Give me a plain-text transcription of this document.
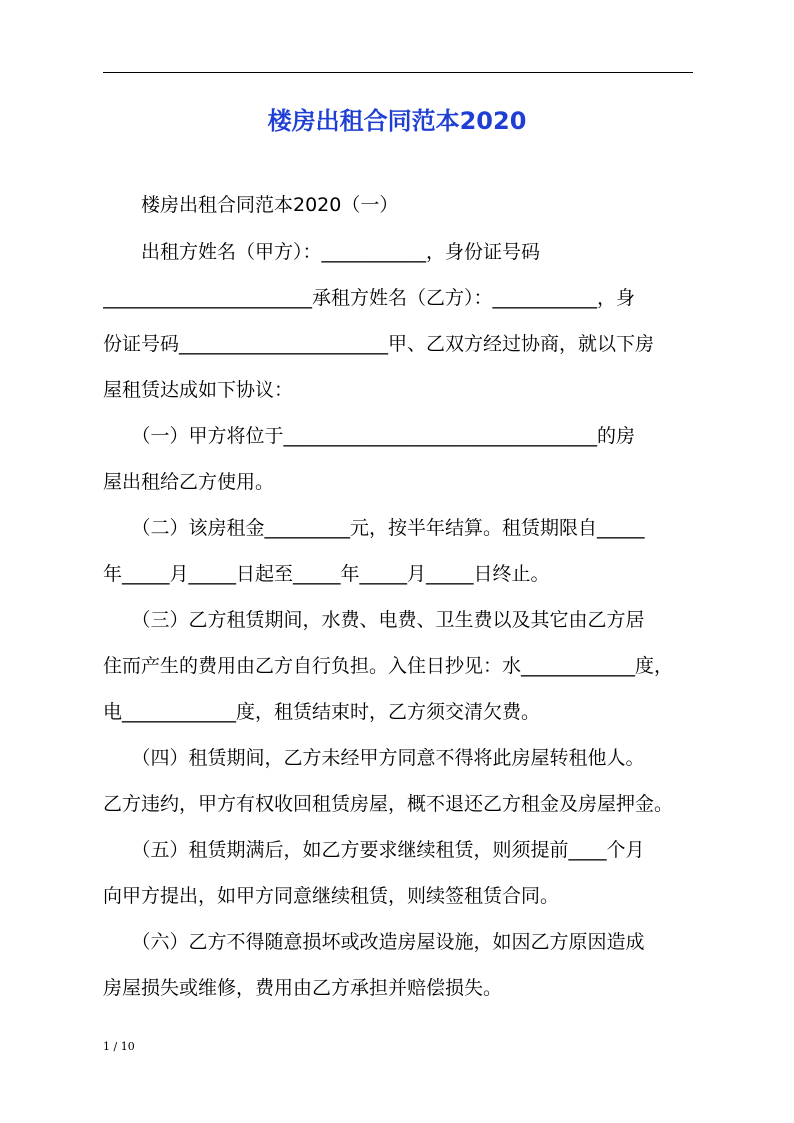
楼房出租合同范本2020
　　楼房出租合同范本2020（一）
　　出租方姓名（甲方）：___________，身份证号码
______________________承租方姓名（乙方）：___________，身
份证号码______________________甲、乙双方经过协商，就以下房
屋租赁达成如下协议：
　　（一）甲方将位于_________________________________的房
屋出租给乙方使用。
　　（二）该房租金_________元，按半年结算。租赁期限自_____
年_____月_____日起至_____年_____月_____日终止。
　　（三）乙方租赁期间，水费、电费、卫生费以及其它由乙方居
住而产生的费用由乙方自行负担。入住日抄见：水____________度，
电____________度，租赁结束时，乙方须交清欠费。
　　（四）租赁期间，乙方未经甲方同意不得将此房屋转租他人。
乙方违约，甲方有权收回租赁房屋，概不退还乙方租金及房屋押金。
　　（五）租赁期满后，如乙方要求继续租赁，则须提前____个月
向甲方提出，如甲方同意继续租赁，则续签租赁合同。
　　（六）乙方不得随意损坏或改造房屋设施，如因乙方原因造成
房屋损失或维修，费用由乙方承担并赔偿损失。
1 / 10
